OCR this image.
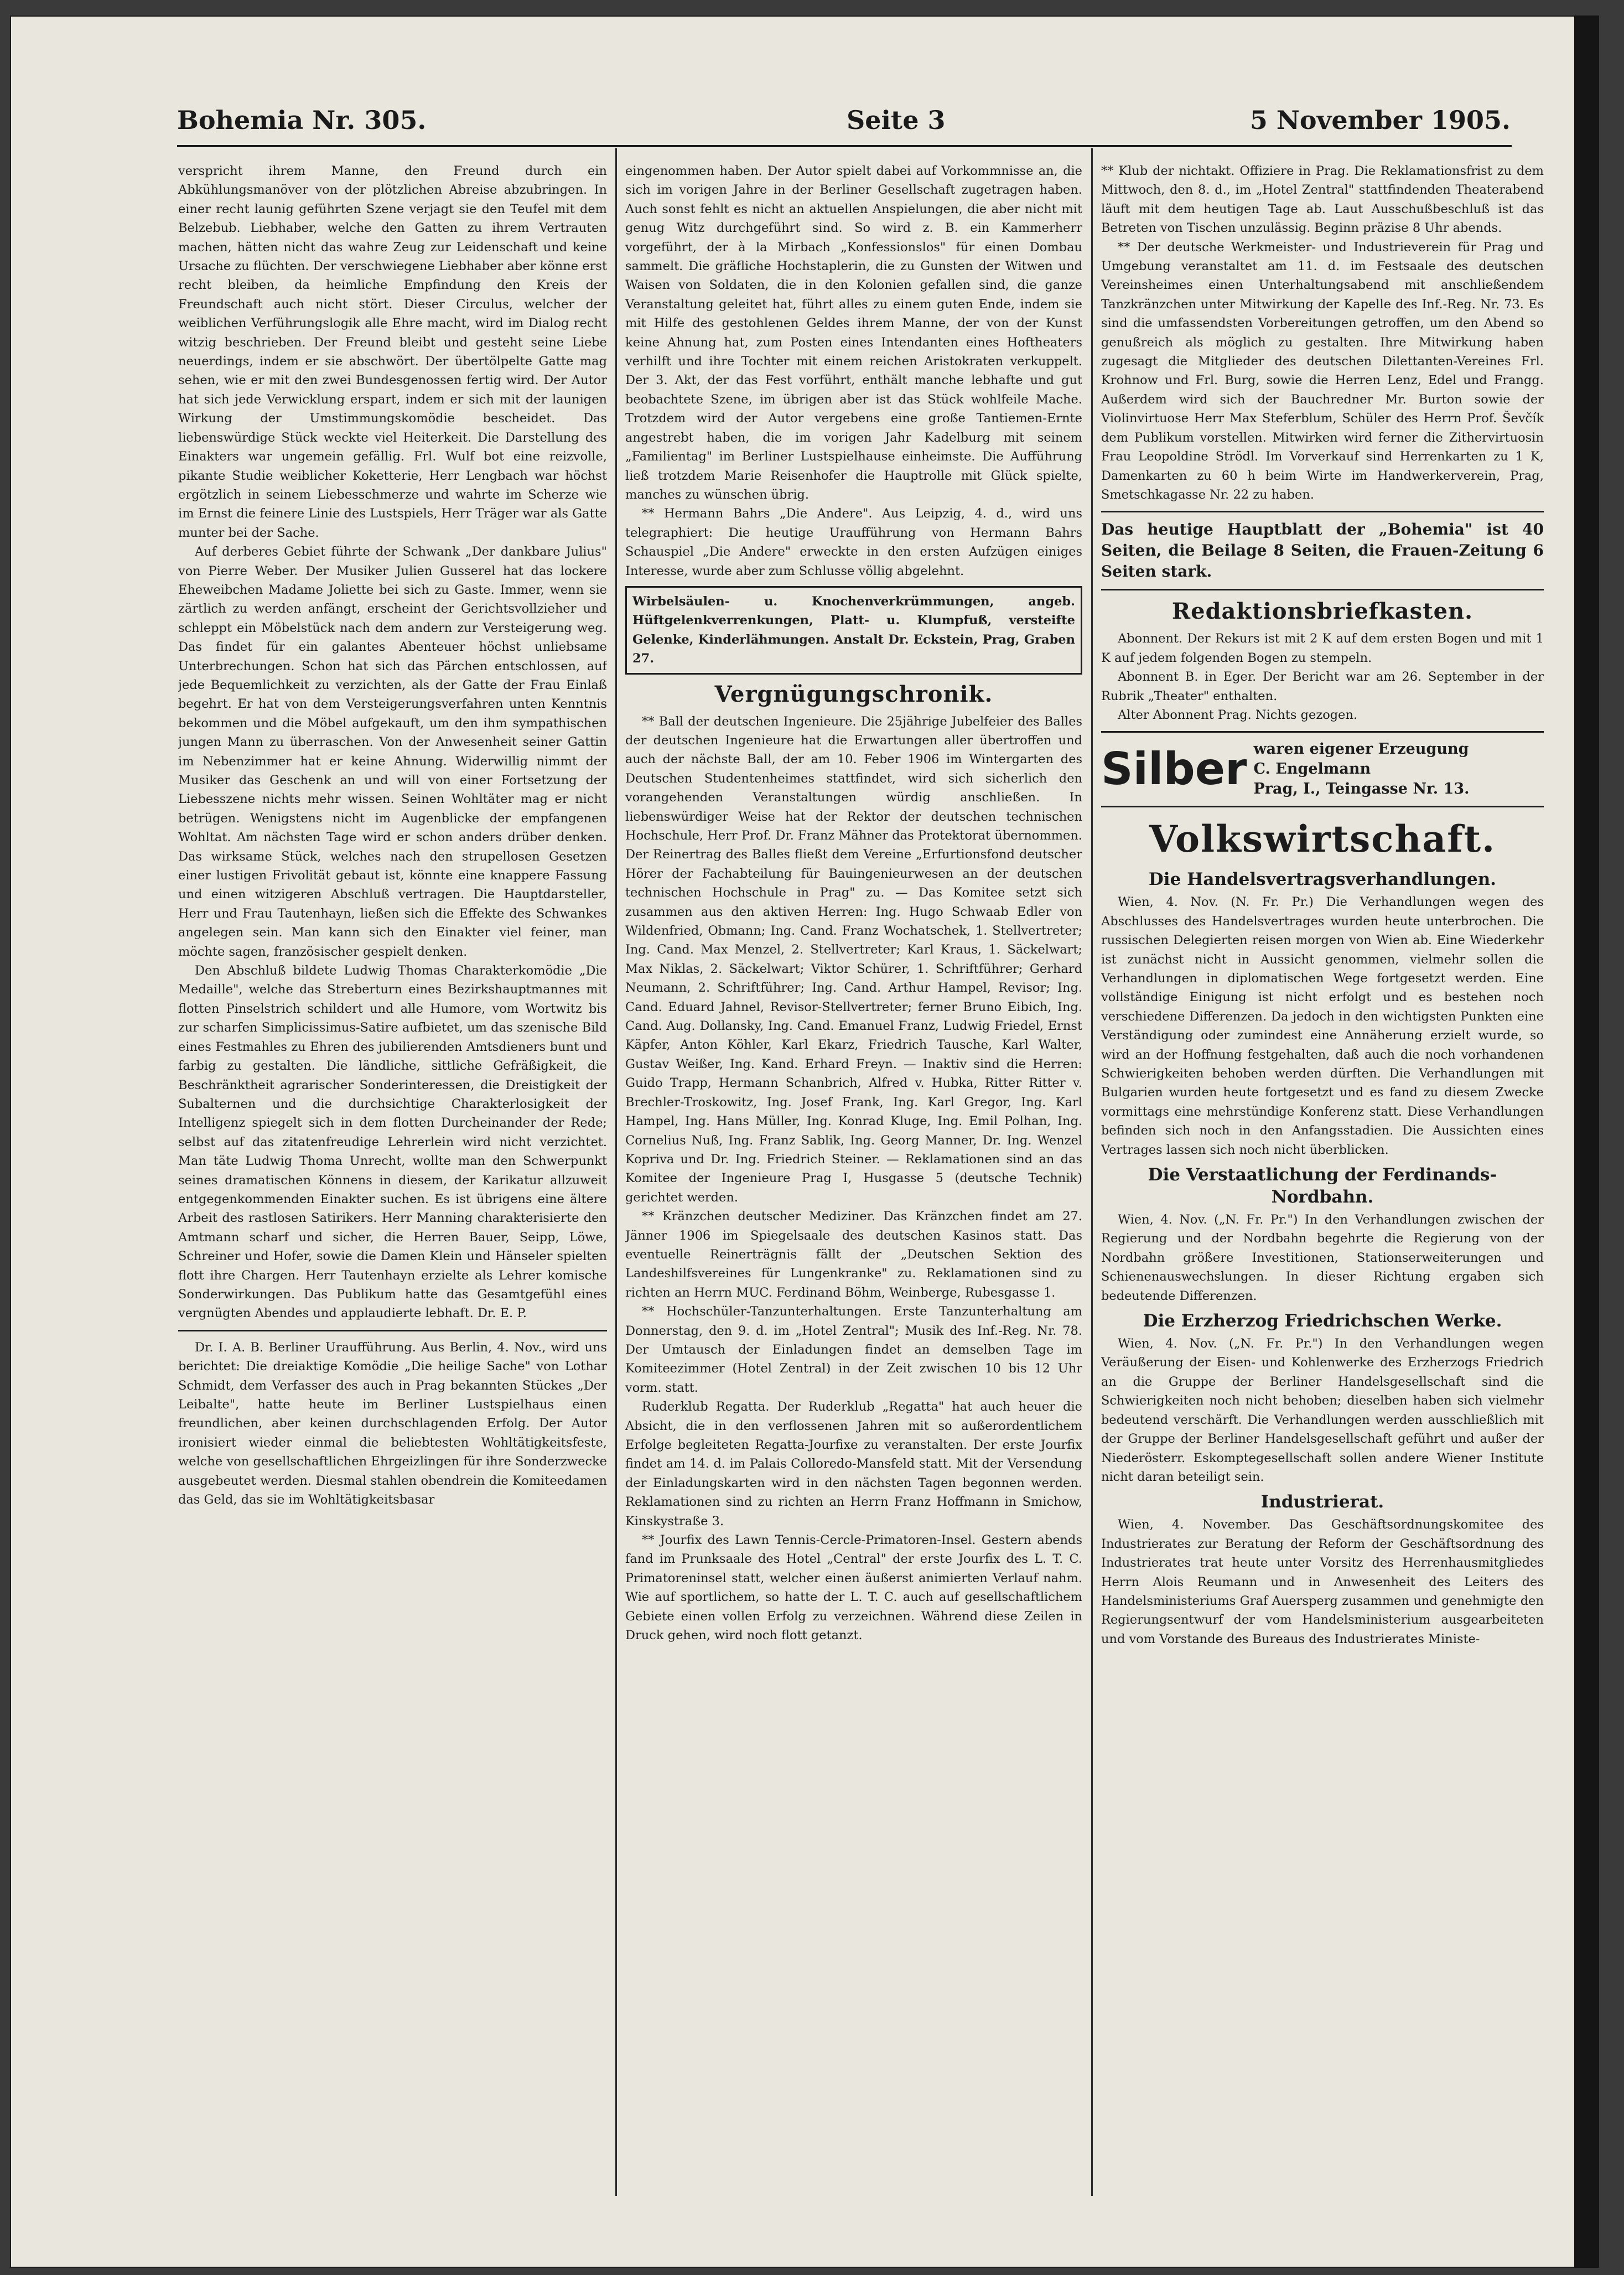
Bohemia Nr. 305.	Seite 3	5 November 1905.

verspricht ihrem Manne, den Freund durch ein Abkühlungsmanöver von der plötzlichen Abreise abzubringen. In einer recht launig geführten Szene verjagt sie den Teufel mit dem Belzebub. Liebhaber, welche den Gatten zu ihrem Vertrauten machen, hätten nicht das wahre Zeug zur Leidenschaft und keine Ursache zu flüchten. Der verschwiegene Liebhaber aber könne erst recht bleiben, da heimliche Empfindung den Kreis der Freundschaft auch nicht stört. Dieser Circulus, welcher der weiblichen Verführungslogik alle Ehre macht, wird im Dialog recht witzig beschrieben. Der Freund bleibt und gesteht seine Liebe neuerdings, indem er sie abschwört. Der übertölpelte Gatte mag sehen, wie er mit den zwei Bundesgenossen fertig wird. Der Autor hat sich jede Verwicklung erspart, indem er sich mit der launigen Wirkung der Umstimmungskomödie bescheidet. Das liebenswürdige Stück weckte viel Heiterkeit. Die Darstellung des Einakters war ungemein gefällig. Frl. Wulf bot eine reizvolle, pikante Studie weiblicher Koketterie, Herr Lengbach war höchst ergötzlich in seinem Liebesschmerze und wahrte im Scherze wie im Ernst die feinere Linie des Lustspiels, Herr Träger war als Gatte munter bei der Sache.

Auf derberes Gebiet führte der Schwank „Der dankbare Julius" von Pierre Weber. Der Musiker Julien Gusserel hat das lockere Eheweibchen Madame Joliette bei sich zu Gaste. Immer, wenn sie zärtlich zu werden anfängt, erscheint der Gerichtsvollzieher und schleppt ein Möbelstück nach dem andern zur Versteigerung weg. Das findet für ein galantes Abenteuer höchst unliebsame Unterbrechungen. Schon hat sich das Pärchen entschlossen, auf jede Bequemlichkeit zu verzichten, als der Gatte der Frau Einlaß begehrt. Er hat von dem Versteigerungsverfahren unten Kenntnis bekommen und die Möbel aufgekauft, um den ihm sympathischen jungen Mann zu überraschen. Von der Anwesenheit seiner Gattin im Nebenzimmer hat er keine Ahnung. Widerwillig nimmt der Musiker das Geschenk an und will von einer Fortsetzung der Liebesszene nichts mehr wissen. Seinen Wohltäter mag er nicht betrügen. Wenigstens nicht im Augenblicke der empfangenen Wohltat. Am nächsten Tage wird er schon anders drüber denken. Das wirksame Stück, welches nach den strupellosen Gesetzen einer lustigen Frivolität gebaut ist, könnte eine knappere Fassung und einen witzigeren Abschluß vertragen. Die Hauptdarsteller, Herr und Frau Tautenhayn, ließen sich die Effekte des Schwankes angelegen sein. Man kann sich den Einakter viel feiner, man möchte sagen, französischer gespielt denken.

Den Abschluß bildete Ludwig Thomas Charakterkomödie „Die Medaille", welche das Streberturn eines Bezirkshauptmannes mit flotten Pinselstrich schildert und alle Humore, vom Wortwitz bis zur scharfen Simplicissimus-Satire aufbietet, um das szenische Bild eines Festmahles zu Ehren des jubilierenden Amtsdieners bunt und farbig zu gestalten. Die ländliche, sittliche Gefräßigkeit, die Beschränktheit agrarischer Sonderinteressen, die Dreistigkeit der Subalternen und die durchsichtige Charakterlosigkeit der Intelligenz spiegelt sich in dem flotten Durcheinander der Rede; selbst auf das zitatenfreudige Lehrerlein wird nicht verzichtet. Man täte Ludwig Thoma Unrecht, wollte man den Schwerpunkt seines dramatischen Könnens in diesem, der Karikatur allzuweit entgegenkommenden Einakter suchen. Es ist übrigens eine ältere Arbeit des rastlosen Satirikers. Herr Manning charakterisierte den Amtmann scharf und sicher, die Herren Bauer, Seipp, Löwe, Schreiner und Hofer, sowie die Damen Klein und Hänseler spielten flott ihre Chargen. Herr Tautenhayn erzielte als Lehrer komische Sonderwirkungen. Das Publikum hatte das Gesamtgefühl eines vergnügten Abendes und applaudierte lebhaft. Dr. E. P.

Dr. I. A. B. Berliner Uraufführung. Aus Berlin, 4. Nov., wird uns berichtet: Die dreiaktige Komödie „Die heilige Sache" von Lothar Schmidt, dem Verfasser des auch in Prag bekannten Stückes „Der Leibalte", hatte heute im Berliner Lustspielhaus einen freundlichen, aber keinen durchschlagenden Erfolg. Der Autor ironisiert wieder einmal die beliebtesten Wohltätigkeitsfeste, welche von gesellschaftlichen Ehrgeizlingen für ihre Sonderzwecke ausgebeutet werden. Diesmal stahlen obendrein die Komiteedamen das Geld, das sie im Wohltätigkeitsbasar

eingenommen haben. Der Autor spielt dabei auf Vorkommnisse an, die sich im vorigen Jahre in der Berliner Gesellschaft zugetragen haben. Auch sonst fehlt es nicht an aktuellen Anspielungen, die aber nicht mit genug Witz durchgeführt sind. So wird z. B. ein Kammerherr vorgeführt, der à la Mirbach „Konfessionslos" für einen Dombau sammelt. Die gräfliche Hochstaplerin, die zu Gunsten der Witwen und Waisen von Soldaten, die in den Kolonien gefallen sind, die ganze Veranstaltung geleitet hat, führt alles zu einem guten Ende, indem sie mit Hilfe des gestohlenen Geldes ihrem Manne, der von der Kunst keine Ahnung hat, zum Posten eines Intendanten eines Hoftheaters verhilft und ihre Tochter mit einem reichen Aristokraten verkuppelt. Der 3. Akt, der das Fest vorführt, enthält manche lebhafte und gut beobachtete Szene, im übrigen aber ist das Stück wohlfeile Mache. Trotzdem wird der Autor vergebens eine große Tantiemen-Ernte angestrebt haben, die im vorigen Jahr Kadelburg mit seinem „Familientag" im Berliner Lustspielhause einheimste. Die Aufführung ließ trotzdem Marie Reisenhofer die Hauptrolle mit Glück spielte, manches zu wünschen übrig.

** Hermann Bahrs „Die Andere". Aus Leipzig, 4. d., wird uns telegraphiert: Die heutige Uraufführung von Hermann Bahrs Schauspiel „Die Andere" erweckte in den ersten Aufzügen einiges Interesse, wurde aber zum Schlusse völlig abgelehnt.

Wirbelsäulen- u. Knochenverkrümmungen, angeb. Hüftgelenkverrenkungen, Platt- u. Klumpfuß, versteifte Gelenke, Kinderlähmungen. Anstalt Dr. Eckstein, Prag, Graben 27.

Vergnügungschronik.

** Ball der deutschen Ingenieure. Die 25jährige Jubelfeier des Balles der deutschen Ingenieure hat die Erwartungen aller übertroffen und auch der nächste Ball, der am 10. Feber 1906 im Wintergarten des Deutschen Studentenheimes stattfindet, wird sich sicherlich den vorangehenden Veranstaltungen würdig anschließen. In liebenswürdiger Weise hat der Rektor der deutschen technischen Hochschule, Herr Prof. Dr. Franz Mähner das Protektorat übernommen. Der Reinertrag des Balles fließt dem Vereine „Erfurtionsfond deutscher Hörer der Fachabteilung für Bauingenieurwesen an der deutschen technischen Hochschule in Prag" zu. — Das Komitee setzt sich zusammen aus den aktiven Herren: Ing. Hugo Schwaab Edler von Wildenfried, Obmann; Ing. Cand. Franz Wochatschek, 1. Stellvertreter; Ing. Cand. Max Menzel, 2. Stellvertreter; Karl Kraus, 1. Säckelwart; Max Niklas, 2. Säckelwart; Viktor Schürer, 1. Schriftführer; Gerhard Neumann, 2. Schriftführer; Ing. Cand. Arthur Hampel, Revisor; Ing. Cand. Eduard Jahnel, Revisor-Stellvertreter; ferner Bruno Eibich, Ing. Cand. Aug. Dollansky, Ing. Cand. Emanuel Franz, Ludwig Friedel, Ernst Käpfer, Anton Köhler, Karl Ekarz, Friedrich Tausche, Karl Walter, Gustav Weißer, Ing. Kand. Erhard Freyn. — Inaktiv sind die Herren: Guido Trapp, Hermann Schanbrich, Alfred v. Hubka, Ritter Ritter v. Brechler-Troskowitz, Ing. Josef Frank, Ing. Karl Gregor, Ing. Karl Hampel, Ing. Hans Müller, Ing. Konrad Kluge, Ing. Emil Polhan, Ing. Cornelius Nuß, Ing. Franz Sablik, Ing. Georg Manner, Dr. Ing. Wenzel Kopriva und Dr. Ing. Friedrich Steiner. — Reklamationen sind an das Komitee der Ingenieure Prag I, Husgasse 5 (deutsche Technik) gerichtet werden.

** Kränzchen deutscher Mediziner. Das Kränzchen findet am 27. Jänner 1906 im Spiegelsaale des deutschen Kasinos statt. Das eventuelle Reinerträgnis fällt der „Deutschen Sektion des Landeshilfsvereines für Lungenkranke" zu. Reklamationen sind zu richten an Herrn MUC. Ferdinand Böhm, Weinberge, Rubesgasse 1.

** Hochschüler-Tanzunterhaltungen. Erste Tanzunterhaltung am Donnerstag, den 9. d. im „Hotel Zentral"; Musik des Inf.-Reg. Nr. 78. Der Umtausch der Einladungen findet an demselben Tage im Komiteezimmer (Hotel Zentral) in der Zeit zwischen 10 bis 12 Uhr vorm. statt.

Ruderklub Regatta. Der Ruderklub „Regatta" hat auch heuer die Absicht, die in den verflossenen Jahren mit so außerordentlichem Erfolge begleiteten Regatta-Jourfixe zu veranstalten. Der erste Jourfix findet am 14. d. im Palais Colloredo-Mansfeld statt. Mit der Versendung der Einladungskarten wird in den nächsten Tagen begonnen werden. Reklamationen sind zu richten an Herrn Franz Hoffmann in Smichow, Kinskystraße 3.

** Jourfix des Lawn Tennis-Cercle-Primatoren-Insel. Gestern abends fand im Prunksaale des Hotel „Central" der erste Jourfix des L. T. C. Primatoreninsel statt, welcher einen äußerst animierten Verlauf nahm. Wie auf sportlichem, so hatte der L. T. C. auch auf gesellschaftlichem Gebiete einen vollen Erfolg zu verzeichnen. Während diese Zeilen in Druck gehen, wird noch flott getanzt.

** Klub der nichtakt. Offiziere in Prag. Die Reklamationsfrist zu dem Mittwoch, den 8. d., im „Hotel Zentral" stattfindenden Theaterabend läuft mit dem heutigen Tage ab. Laut Ausschußbeschluß ist das Betreten von Tischen unzulässig. Beginn präzise 8 Uhr abends.

** Der deutsche Werkmeister- und Industrieverein für Prag und Umgebung veranstaltet am 11. d. im Festsaale des deutschen Vereinsheimes einen Unterhaltungsabend mit anschließendem Tanzkränzchen unter Mitwirkung der Kapelle des Inf.-Reg. Nr. 73. Es sind die umfassendsten Vorbereitungen getroffen, um den Abend so genußreich als möglich zu gestalten. Ihre Mitwirkung haben zugesagt die Mitglieder des deutschen Dilettanten-Vereines Frl. Krohnow und Frl. Burg, sowie die Herren Lenz, Edel und Frangg. Außerdem wird sich der Bauchredner Mr. Burton sowie der Violinvirtuose Herr Max Steferblum, Schüler des Herrn Prof. Ševčík dem Publikum vorstellen. Mitwirken wird ferner die Zithervirtuosin Frau Leopoldine Strödl. Im Vorverkauf sind Herrenkarten zu 1 K, Damenkarten zu 60 h beim Wirte im Handwerkerverein, Prag, Smetschkagasse Nr. 22 zu haben.

Das heutige Hauptblatt der „Bohemia" ist 40 Seiten, die Beilage 8 Seiten, die Frauen-Zeitung 6 Seiten stark.

Redaktionsbriefkasten.

Abonnent. Der Rekurs ist mit 2 K auf dem ersten Bogen und mit 1 K auf jedem folgenden Bogen zu stempeln.

Abonnent B. in Eger. Der Bericht war am 26. September in der Rubrik „Theater" enthalten.

Alter Abonnent Prag. Nichts gezogen.

Silber waren eigener Erzeugung
C. Engelmann
Prag, I., Teingasse Nr. 13.
Volkswirtschaft.
Die Handelsvertragsverhandlungen.

Wien, 4. Nov. (N. Fr. Pr.) Die Verhandlungen wegen des Abschlusses des Handelsvertrages wurden heute unterbrochen. Die russischen Delegierten reisen morgen von Wien ab. Eine Wiederkehr ist zunächst nicht in Aussicht genommen, vielmehr sollen die Verhandlungen in diplomatischen Wege fortgesetzt werden. Eine vollständige Einigung ist nicht erfolgt und es bestehen noch verschiedene Differenzen. Da jedoch in den wichtigsten Punkten eine Verständigung oder zumindest eine Annäherung erzielt wurde, so wird an der Hoffnung festgehalten, daß auch die noch vorhandenen Schwierigkeiten behoben werden dürften. Die Verhandlungen mit Bulgarien wurden heute fortgesetzt und es fand zu diesem Zwecke vormittags eine mehrstündige Konferenz statt. Diese Verhandlungen befinden sich noch in den Anfangsstadien. Die Aussichten eines Vertrages lassen sich noch nicht überblicken.

Die Verstaatlichung der Ferdinands-Nordbahn.

Wien, 4. Nov. („N. Fr. Pr.") In den Verhandlungen zwischen der Regierung und der Nordbahn begehrte die Regierung von der Nordbahn größere Investitionen, Stationserweiterungen und Schienenauswechslungen. In dieser Richtung ergaben sich bedeutende Differenzen.

Die Erzherzog Friedrichschen Werke.

Wien, 4. Nov. („N. Fr. Pr.") In den Verhandlungen wegen Veräußerung der Eisen- und Kohlenwerke des Erzherzogs Friedrich an die Gruppe der Berliner Handelsgesellschaft sind die Schwierigkeiten noch nicht behoben; dieselben haben sich vielmehr bedeutend verschärft. Die Verhandlungen werden ausschließlich mit der Gruppe der Berliner Handelsgesellschaft geführt und außer der Niederösterr. Eskomptegesellschaft sollen andere Wiener Institute nicht daran beteiligt sein.

Industrierat.

Wien, 4. November. Das Geschäftsordnungskomitee des Industrierates zur Beratung der Reform der Geschäftsordnung des Industrierates trat heute unter Vorsitz des Herrenhausmitgliedes Herrn Alois Reumann und in Anwesenheit des Leiters des Handelsministeriums Graf Auersperg zusammen und genehmigte den Regierungsentwurf der vom Handelsministerium ausgearbeiteten und vom Vorstande des Bureaus des Industrierates Ministe-
